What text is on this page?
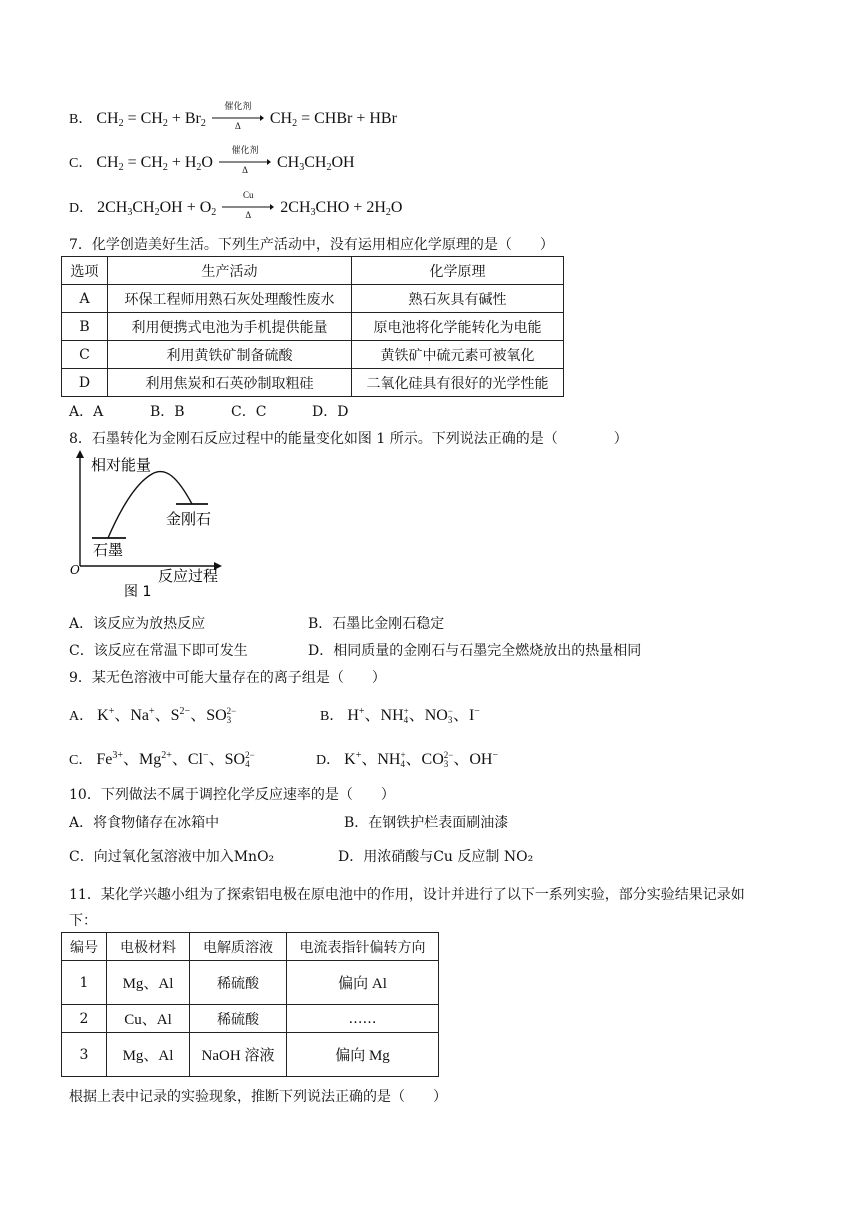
B． $CH_2 = CH_2 + Br_2$
催化剂
Δ	$CH_2$ = CHBr + HBr
C． $CH_2 = CH_2 + H_2O$
催化剂
Δ	$CH_3CH_2OH$
D． $2CH_3CH_2OH + O_2$
Cu
Δ	$2CH_3CHO + 2H_2O$
7．化学创造美好生活。下列生产活动中，没有运用相应化学原理的是（　　）
选项	生产活动	化学原理
A	环保工程师用熟石灰处理酸性废水	熟石灰具有碱性
B	利用便携式电池为手机提供能量	原电池将化学能转化为电能
C	利用黄铁矿制备硫酸	黄铁矿中硫元素可被氧化
D	利用焦炭和石英砂制取粗硅	二氧化硅具有很好的光学性能
A．A	B．B	C．C	D．D
8．石墨转化为金刚石反应过程中的能量变化如图 1 所示。下列说法正确的是（　　　　）
相对能量
O
石墨
金刚石
反应过程
图 1
A．该反应为放热反应	B．石墨比金刚石稳定
C．该反应在常温下即可发生	D．相同质量的金刚石与石墨完全燃烧放出的热量相同
9．某无色溶液中可能大量存在的离子组是（　　）
A． K+、Na+、$S^{2-}$、SO 2−
3	B． H+、NH +
4 、NO −
3 、I−
C． $Fe^{3+}$、$Mg^{2+}$、Cl−、SO 2−
4	D． K+、NH +
4 、CO 2−
3 、OH−
10．下列做法不属于调控化学反应速率的是（　　）
A．将食物储存在冰箱中	B．在钢铁护栏表面刷油漆
C．向过氧化氢溶液中加入MnO₂	D．用浓硝酸与Cu 反应制 NO₂
11．某化学兴趣小组为了探索铝电极在原电池中的作用，设计并进行了以下一系列实验，部分实验结果记录如
下：
编号	电极材料	电解质溶液	电流表指针偏转方向
1	Mg、Al	稀硫酸	偏向 Al
2	Cu、Al	稀硫酸	……
3	Mg、Al	NaOH 溶液	偏向 Mg
根据上表中记录的实验现象，推断下列说法正确的是（　　）
